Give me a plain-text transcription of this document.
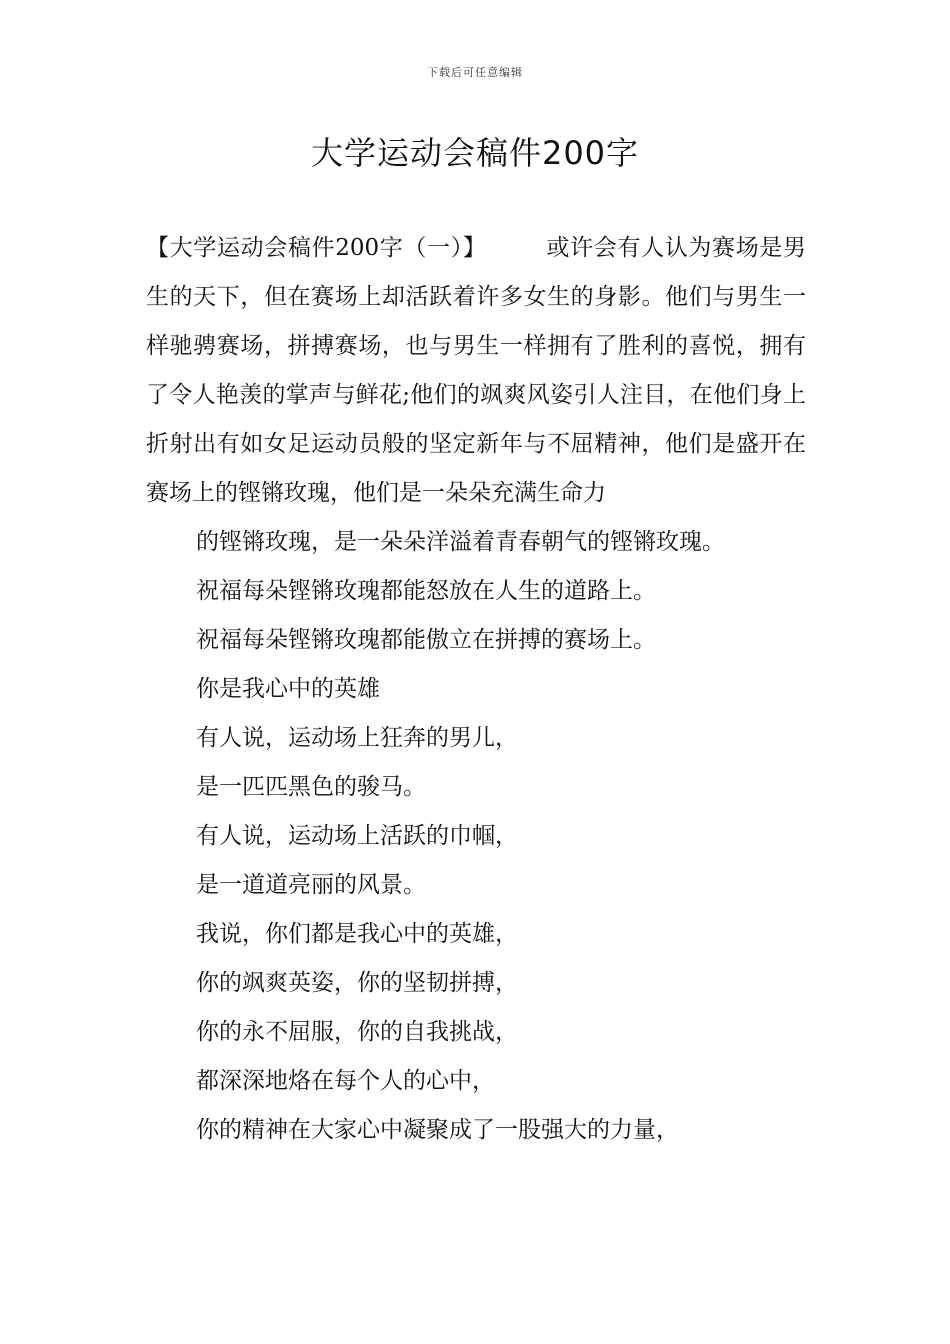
下载后可任意编辑
大学运动会稿件200字

【大学运动会稿件200字（一）】	或许会有人认为赛场是男生的天下，但在赛场上却活跃着许多女生的身影。他们与男生一样驰骋赛场，拼搏赛场，也与男生一样拥有了胜利的喜悦，拥有了令人艳羡的掌声与鲜花;他们的飒爽风姿引人注目，在他们身上折射出有如女足运动员般的坚定新年与不屈精神，他们是盛开在赛场上的铿锵玫瑰，他们是一朵朵充满生命力

的铿锵玫瑰，是一朵朵洋溢着青春朝气的铿锵玫瑰。

祝福每朵铿锵玫瑰都能怒放在人生的道路上。

祝福每朵铿锵玫瑰都能傲立在拼搏的赛场上。

你是我心中的英雄

有人说，运动场上狂奔的男儿，

是一匹匹黑色的骏马。

有人说，运动场上活跃的巾帼，

是一道道亮丽的风景。

我说，你们都是我心中的英雄，

你的飒爽英姿，你的坚韧拼搏，

你的永不屈服，你的自我挑战，

都深深地烙在每个人的心中，

你的精神在大家心中凝聚成了一股强大的力量，
